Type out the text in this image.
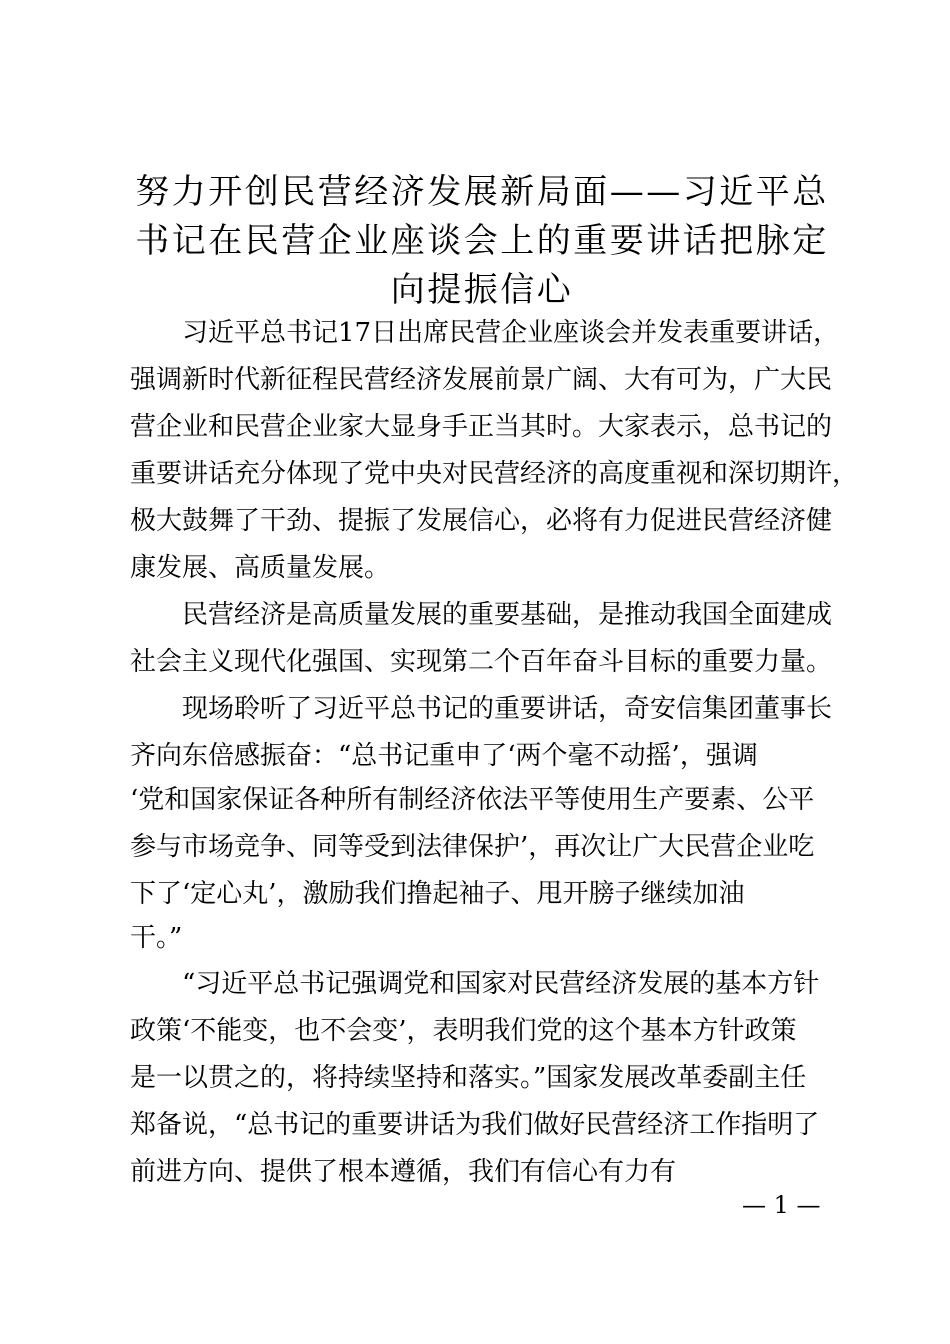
努力开创民营经济发展新局面——习近平总书记在民营企业座谈会上的重要讲话把脉定向提振信心

习近平总书记17日出席民营企业座谈会并发表重要讲话，

强调新时代新征程民营经济发展前景广阔、大有可为，广大民

营企业和民营企业家大显身手正当其时。大家表示，总书记的

重要讲话充分体现了党中央对民营经济的高度重视和深切期许，

极大鼓舞了干劲、提振了发展信心，必将有力促进民营经济健

康发展、高质量发展。

民营经济是高质量发展的重要基础，是推动我国全面建成

社会主义现代化强国、实现第二个百年奋斗目标的重要力量。

现场聆听了习近平总书记的重要讲话，奇安信集团董事长

齐向东倍感振奋：“总书记重申了‘两个毫不动摇’，强调

‘党和国家保证各种所有制经济依法平等使用生产要素、公平

参与市场竞争、同等受到法律保护’，再次让广大民营企业吃

下了‘定心丸’，激励我们撸起袖子、甩开膀子继续加油

干。”

“习近平总书记强调党和国家对民营经济发展的基本方针

政策‘不能变，也不会变’，表明我们党的这个基本方针政策

是一以贯之的，将持续坚持和落实。”国家发展改革委副主任

郑备说，“总书记的重要讲话为我们做好民营经济工作指明了

前进方向、提供了根本遵循，我们有信心有力有

— 1 —
